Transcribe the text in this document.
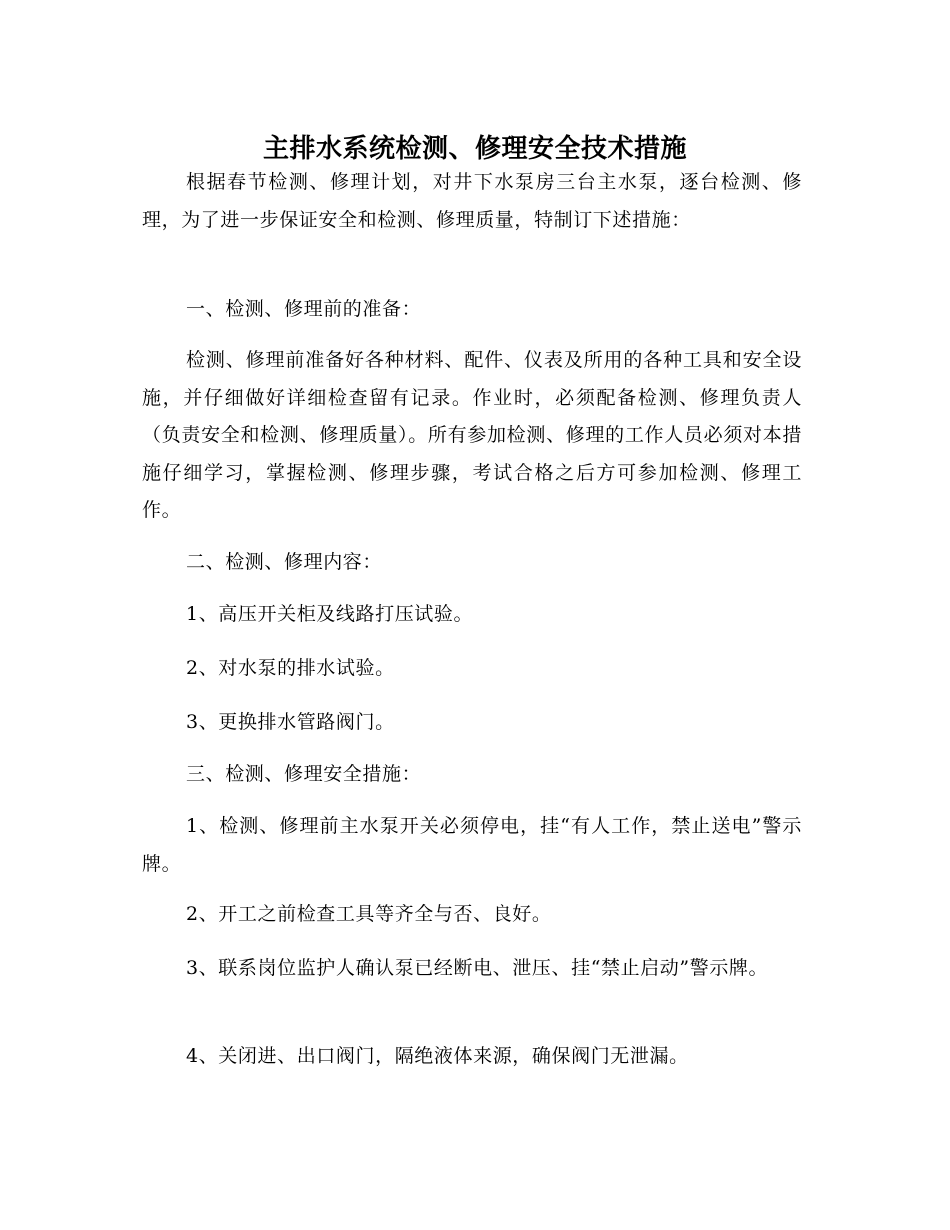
主排水系统检测、修理安全技术措施

根据春节检测、修理计划，对井下水泵房三台主水泵，逐台检测、修理，为了进一步保证安全和检测、修理质量，特制订下述措施：

一、检测、修理前的准备：

检测、修理前准备好各种材料、配件、仪表及所用的各种工具和安全设施，并仔细做好详细检查留有记录。作业时，必须配备检测、修理负责人（负责安全和检测、修理质量）。所有参加检测、修理的工作人员必须对本措施仔细学习，掌握检测、修理步骤，考试合格之后方可参加检测、修理工作。

二、检测、修理内容：

1、高压开关柜及线路打压试验。

2、对水泵的排水试验。

3、更换排水管路阀门。

三、检测、修理安全措施：

1、检测、修理前主水泵开关必须停电，挂“有人工作，禁止送电”警示牌。

2、开工之前检查工具等齐全与否、良好。

3、联系岗位监护人确认泵已经断电、泄压、挂“禁止启动”警示牌。

4、关闭进、出口阀门，隔绝液体来源，确保阀门无泄漏。
